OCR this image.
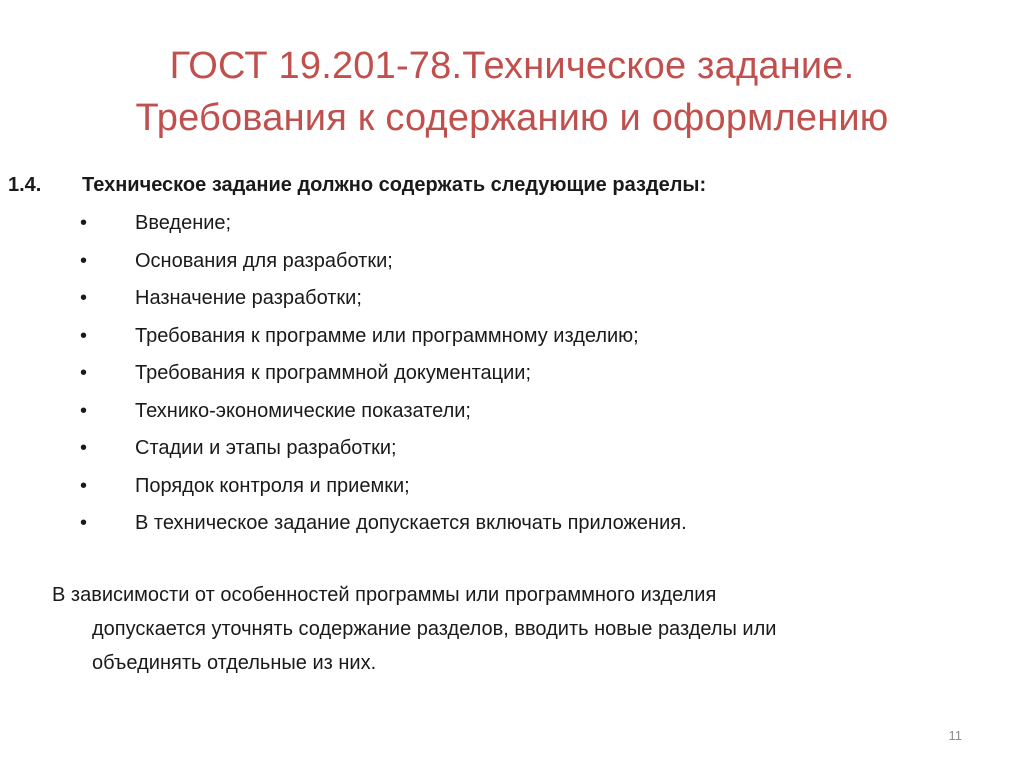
ГОСТ 19.201-78.Техническое задание.
Требования к содержанию и оформлению
1.4. Техническое задание должно содержать следующие разделы:
• Введение;
• Основания для разработки;
• Назначение разработки;
• Требования к программе или программному изделию;
• Требования к программной документации;
• Технико-экономические показатели;
• Стадии и этапы разработки;
• Порядок контроля и приемки;
• В техническое задание допускается включать приложения.
В зависимости от особенностей программы или программного изделия
допускается уточнять содержание разделов, вводить новые разделы или
объединять отдельные из них.
11
